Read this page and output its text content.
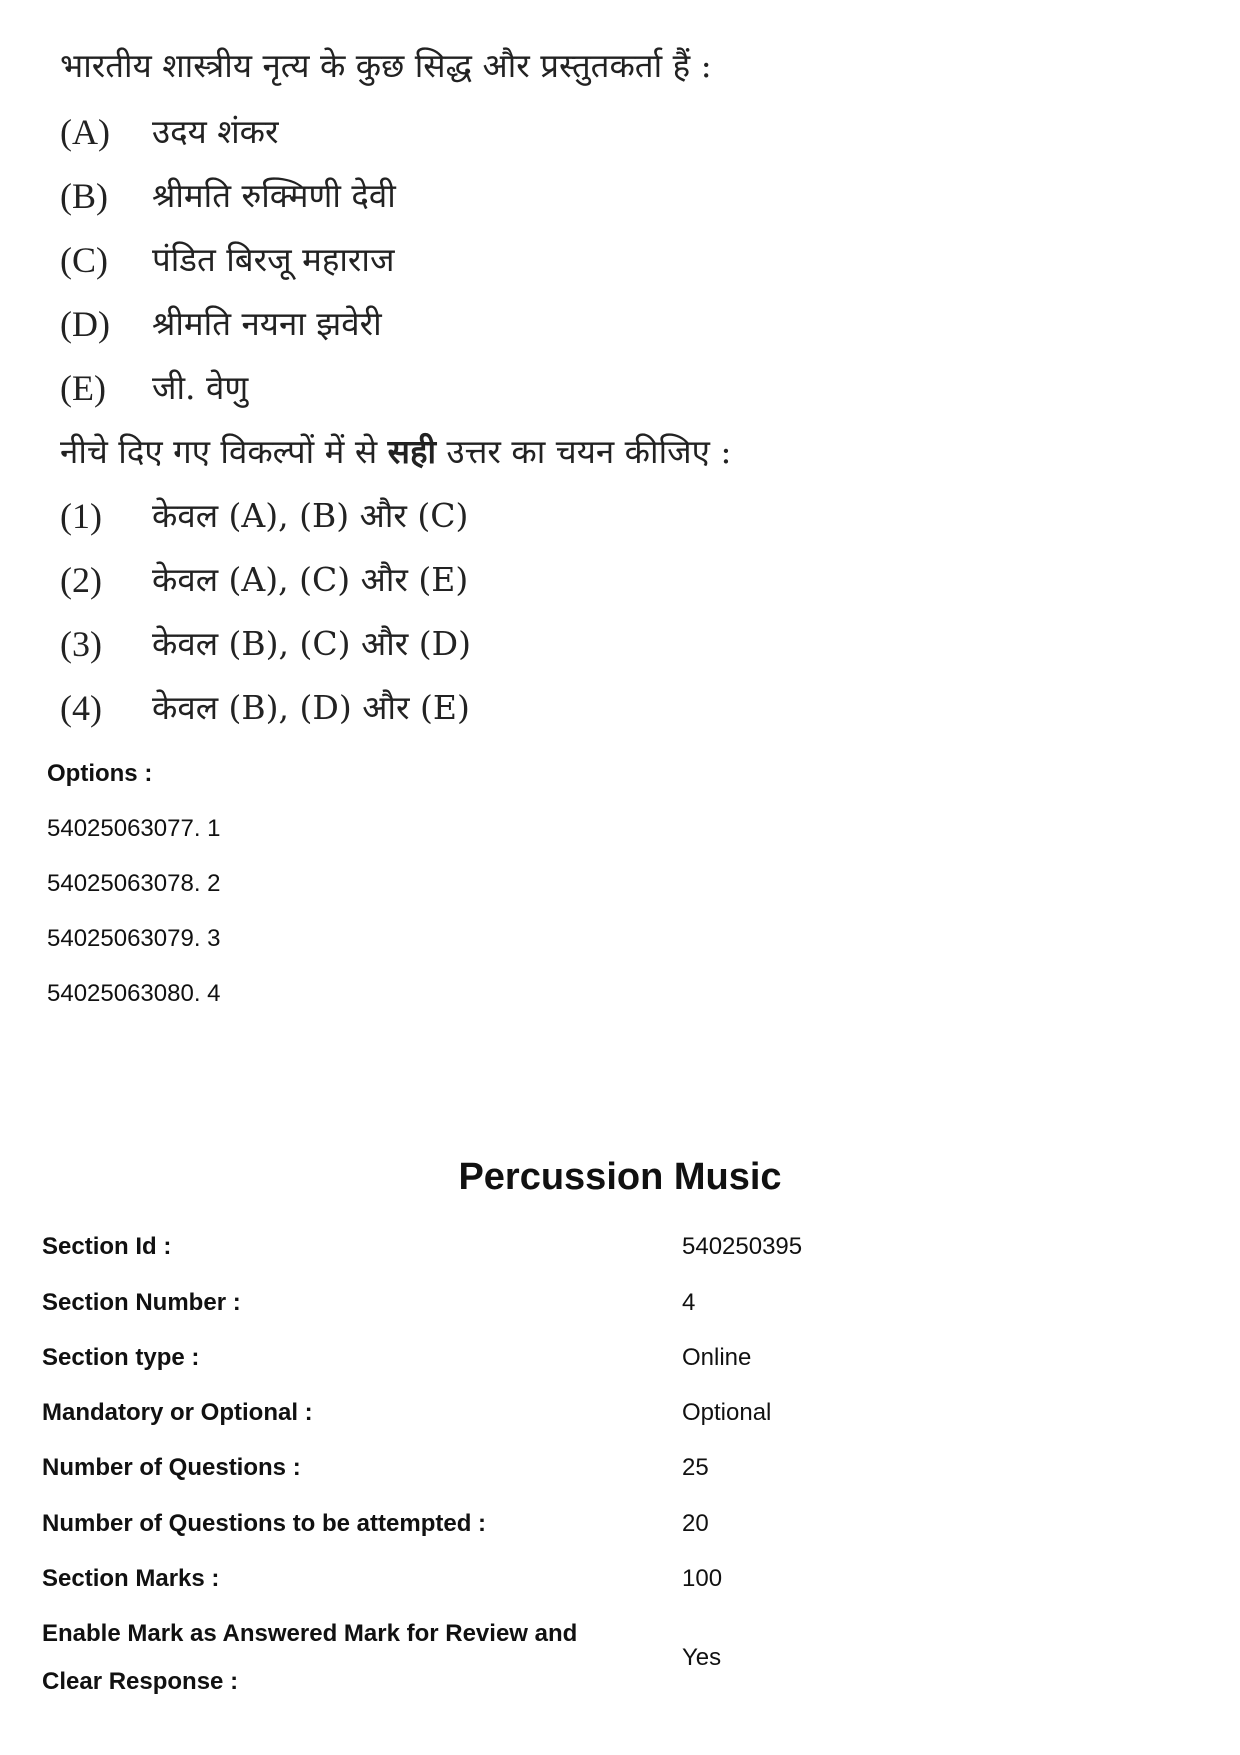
भारतीय शास्त्रीय नृत्य के कुछ सिद्ध और प्रस्तुतकर्ता हैं :
(A)	उदय शंकर
(B)	श्रीमति रुक्मिणी देवी
(C)	पंडित बिरजू महाराज
(D)	श्रीमति नयना झवेरी
(E)	जी. वेणु
नीचे दिए गए विकल्पों में से सही उत्तर का चयन कीजिए :
(1)	केवल (A), (B) और (C)
(2)	केवल (A), (C) और (E)
(3)	केवल (B), (C) और (D)
(4)	केवल (B), (D) और (E)
Options :
54025063077. 1
54025063078. 2
54025063079. 3
54025063080. 4
Percussion Music
Section Id :	540250395
Section Number :	4
Section type :	Online
Mandatory or Optional :	Optional
Number of Questions :	25
Number of Questions to be attempted :	20
Section Marks :	100
Enable Mark as Answered Mark for Review and
Clear Response :
Yes
